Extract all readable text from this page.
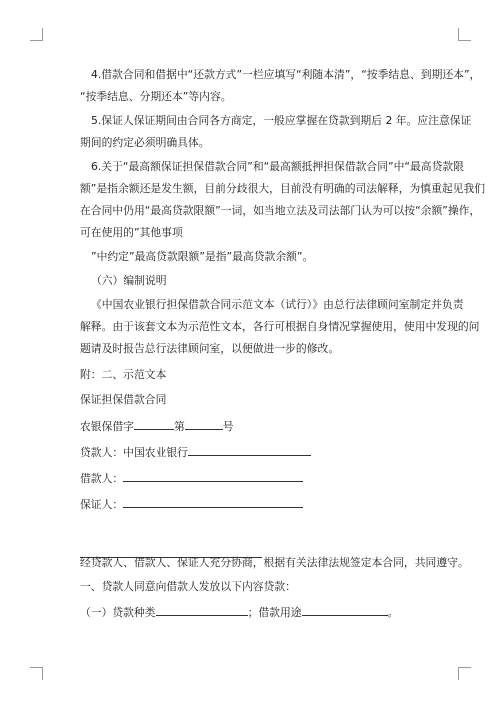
4.借款合同和借据中“还款方式”一栏应填写“利随本清”，“按季结息、到期还本”，

“按季结息、分期还本”等内容。

5.保证人保证期间由合同各方商定，一般应掌握在贷款到期后 2 年。应注意保证

期间的约定必须明确具体。

6.关于“最高额保证担保借款合同”和“最高额抵押担保借款合同”中“最高贷款限

额”是指余额还是发生额，目前分歧很大，目前没有明确的司法解释，为慎重起见我们

在合同中仍用“最高贷款限额”一词，如当地立法及司法部门认为可以按“余额”操作，

可在使用的”其他事项

”中约定”最高贷款限额”是指”最高贷款余额”。

（六）编制说明

《中国农业银行担保借款合同示范文本（试行）》由总行法律顾问室制定并负责

解释。由于该套文本为示范性文本，各行可根据自身情况掌握使用，使用中发现的问

题请及时报告总行法律顾问室，以便做进一步的修改。

附：二、示范文本

保证担保借款合同

农银保借字	第	号

贷款人：中国农业银行

借款人：

保证人：

经贷款人、借款人、保证人充分协商，根据有关法律法规签定本合同，共同遵守。

一、贷款人同意向借款人发放以下内容贷款：

（一）贷款种类	；借款用途	。
